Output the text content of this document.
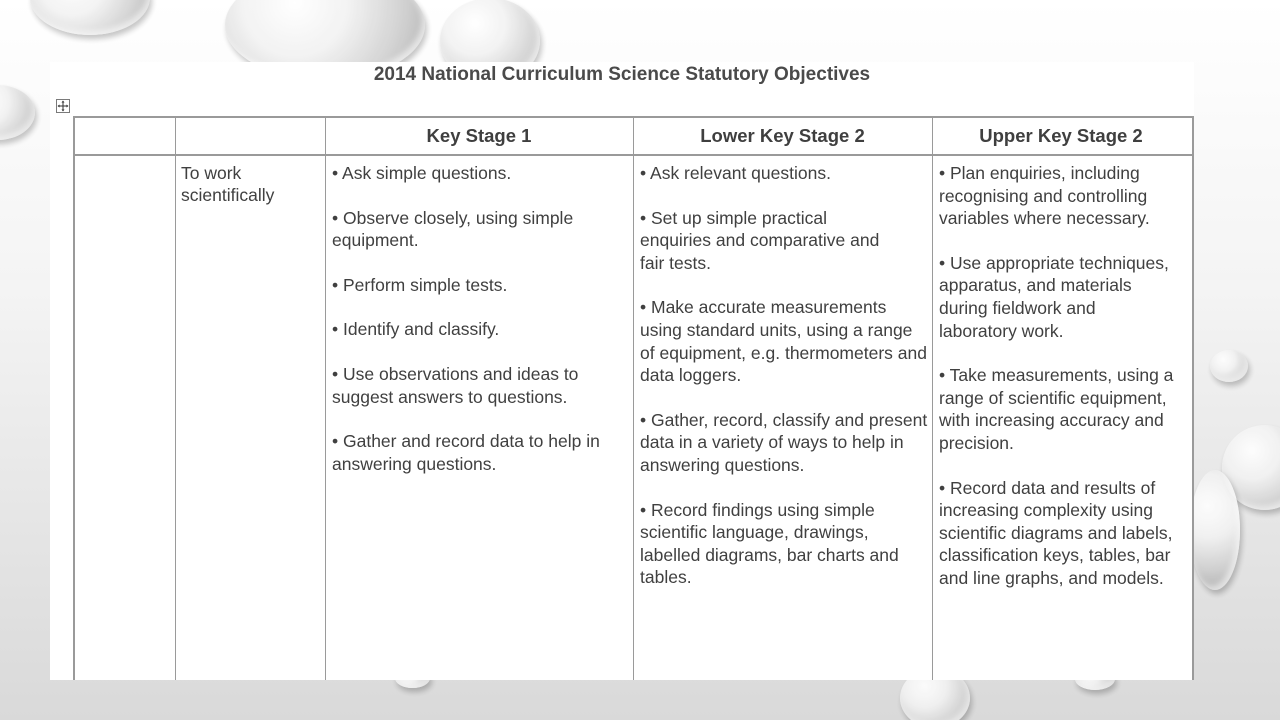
2014 National Curriculum Science Statutory Objectives
Key Stage 1	Lower Key Stage 2	Upper Key Stage 2
To work scientifically

• Ask simple questions.

• Observe closely, using simple equipment.

• Perform simple tests.

• Identify and classify.

• Use observations and ideas to suggest answers to questions.

• Gather and record data to help in answering questions.

• Ask relevant questions.

• Set up simple practical enquiries and comparative and fair tests.

• Make accurate measurements using standard units, using a range of equipment, e.g. thermometers and data loggers.

• Gather, record, classify and present data in a variety of ways to help in answering questions.

• Record findings using simple scientific language, drawings, labelled diagrams, bar charts and tables.

• Plan enquiries, including recognising and controlling variables where necessary.

• Use appropriate techniques, apparatus, and materials during fieldwork and laboratory work.

• Take measurements, using a range of scientific equipment, with increasing accuracy and precision.

• Record data and results of increasing complexity using scientific diagrams and labels, classification keys, tables, bar and line graphs, and models.
